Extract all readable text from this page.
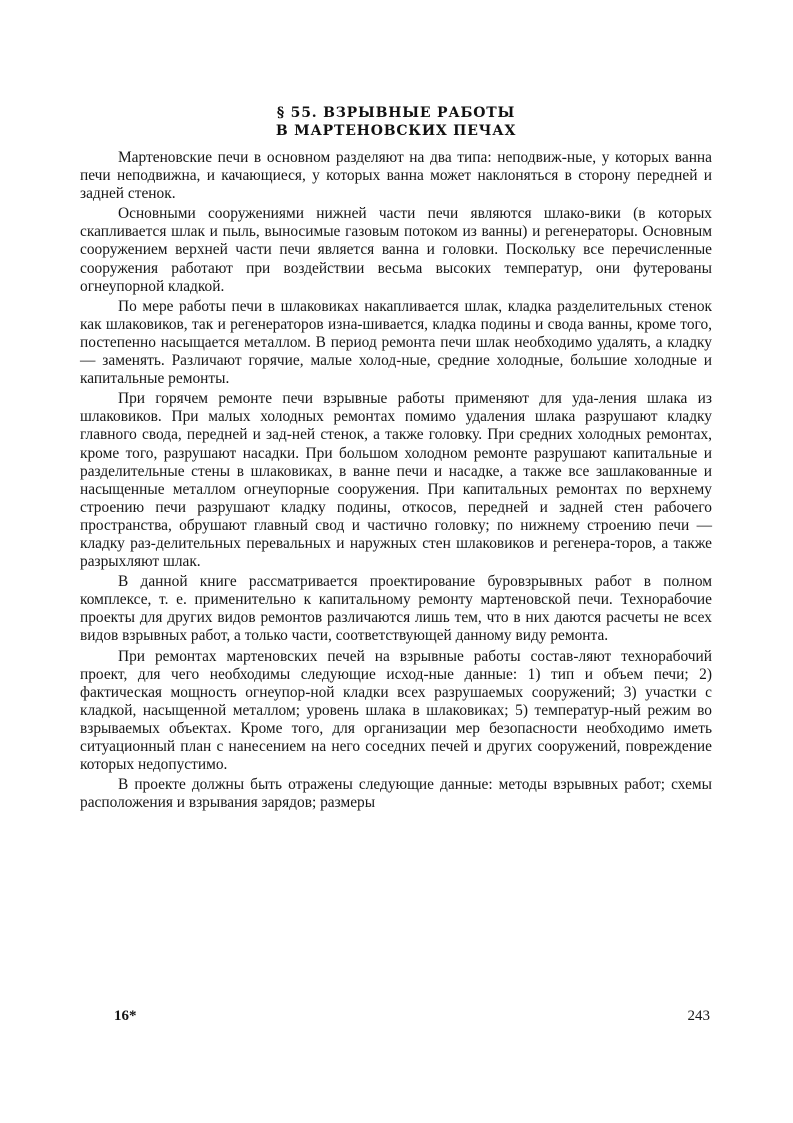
§ 55. ВЗРЫВНЫЕ РАБОТЫ
В МАРТЕНОВСКИХ ПЕЧАХ

Мартеновские печи в основном разделяют на два типа: неподвиж-ные, у которых ванна печи неподвижна, и качающиеся, у которых ванна может наклоняться в сторону передней и задней стенок.

Основными сооружениями нижней части печи являются шлако-вики (в которых скапливается шлак и пыль, выносимые газовым потоком из ванны) и регенераторы. Основным сооружением верхней части печи является ванна и головки. Поскольку все перечисленные сооружения работают при воздействии весьма высоких температур, они футерованы огнеупорной кладкой.

По мере работы печи в шлаковиках накапливается шлак, кладка разделительных стенок как шлаковиков, так и регенераторов изна-шивается, кладка подины и свода ванны, кроме того, постепенно насыщается металлом. В период ремонта печи шлак необходимо удалять, а кладку — заменять. Различают горячие, малые холод-ные, средние холодные, большие холодные и капитальные ремонты.

При горячем ремонте печи взрывные работы применяют для уда-ления шлака из шлаковиков. При малых холодных ремонтах помимо удаления шлака разрушают кладку главного свода, передней и зад-ней стенок, а также головку. При средних холодных ремонтах, кроме того, разрушают насадки. При большом холодном ремонте разрушают капитальные и разделительные стены в шлаковиках, в ванне печи и насадке, а также все зашлакованные и насыщенные металлом огнеупорные сооружения. При капитальных ремонтах по верхнему строению печи разрушают кладку подины, откосов, передней и задней стен рабочего пространства, обрушают главный свод и частично головку; по нижнему строению печи — кладку раз-делительных перевальных и наружных стен шлаковиков и регенера-торов, а также разрыхляют шлак.

В данной книге рассматривается проектирование буровзрывных работ в полном комплексе, т. е. применительно к капитальному ремонту мартеновской печи. Технорабочие проекты для других видов ремонтов различаются лишь тем, что в них даются расчеты не всех видов взрывных работ, а только части, соответствующей данному виду ремонта.

При ремонтах мартеновских печей на взрывные работы состав-ляют технорабочий проект, для чего необходимы следующие исход-ные данные: 1) тип и объем печи; 2) фактическая мощность огнеупор-ной кладки всех разрушаемых сооружений; 3) участки с кладкой, насыщенной металлом; уровень шлака в шлаковиках; 5) температур-ный режим во взрываемых объектах. Кроме того, для организации мер безопасности необходимо иметь ситуационный план с нанесением на него соседних печей и других сооружений, повреждение которых недопустимо.

В проекте должны быть отражены следующие данные: методы взрывных работ; схемы расположения и взрывания зарядов; размеры

16*	243
